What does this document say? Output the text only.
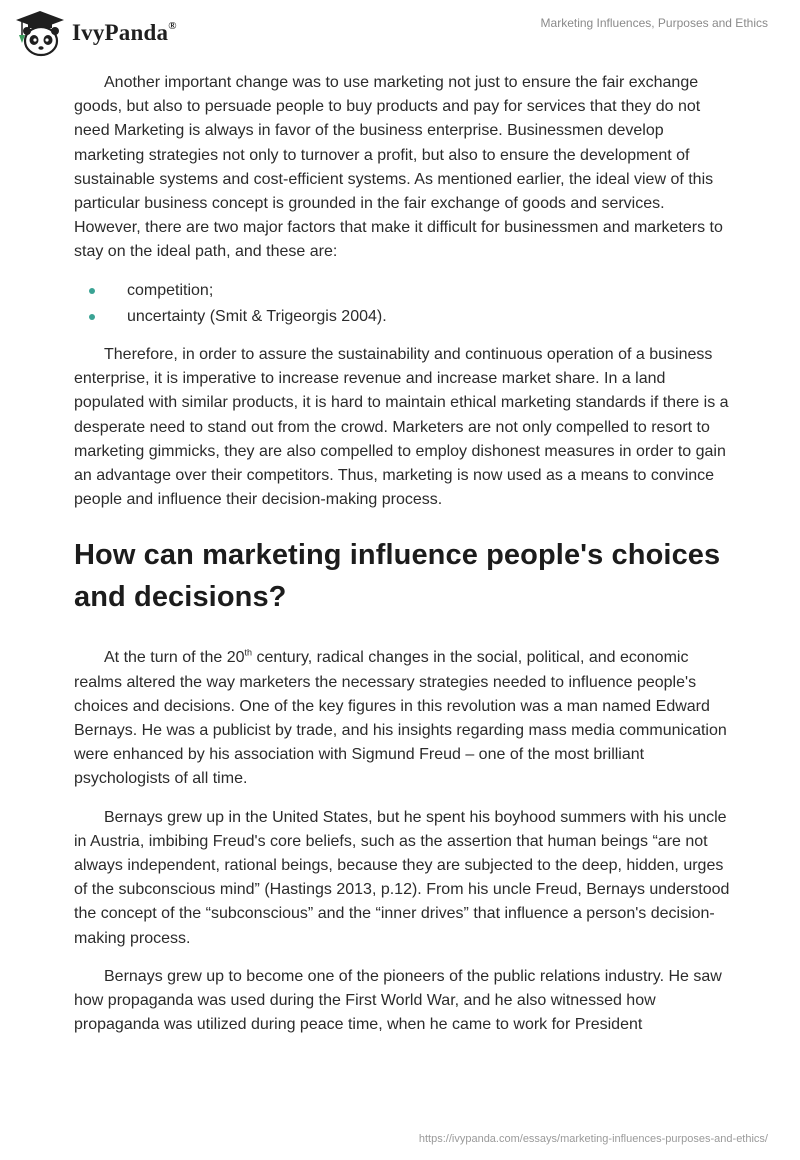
IvyPanda®	Marketing Influences, Purposes and Ethics

Another important change was to use marketing not just to ensure the fair exchange goods, but also to persuade people to buy products and pay for services that they do not need Marketing is always in favor of the business enterprise. Businessmen develop marketing strategies not only to turnover a profit, but also to ensure the development of sustainable systems and cost-efficient systems. As mentioned earlier, the ideal view of this particular business concept is grounded in the fair exchange of goods and services. However, there are two major factors that make it difficult for businessmen and marketers to stay on the ideal path, and these are:

competition;
uncertainty (Smit & Trigeorgis 2004).

Therefore, in order to assure the sustainability and continuous operation of a business enterprise, it is imperative to increase revenue and increase market share. In a land populated with similar products, it is hard to maintain ethical marketing standards if there is a desperate need to stand out from the crowd. Marketers are not only compelled to resort to marketing gimmicks, they are also compelled to employ dishonest measures in order to gain an advantage over their competitors. Thus, marketing is now used as a means to convince people and influence their decision-making process.

How can marketing influence people's choices and decisions?

At the turn of the 20th century, radical changes in the social, political, and economic realms altered the way marketers the necessary strategies needed to influence people's choices and decisions. One of the key figures in this revolution was a man named Edward Bernays. He was a publicist by trade, and his insights regarding mass media communication were enhanced by his association with Sigmund Freud – one of the most brilliant psychologists of all time.

Bernays grew up in the United States, but he spent his boyhood summers with his uncle in Austria, imbibing Freud's core beliefs, such as the assertion that human beings “are not always independent, rational beings, because they are subjected to the deep, hidden, urges of the subconscious mind” (Hastings 2013, p.12). From his uncle Freud, Bernays understood the concept of the “subconscious” and the “inner drives” that influence a person's decision-making process.

Bernays grew up to become one of the pioneers of the public relations industry. He saw how propaganda was used during the First World War, and he also witnessed how propaganda was utilized during peace time, when he came to work for President

https://ivypanda.com/essays/marketing-influences-purposes-and-ethics/
